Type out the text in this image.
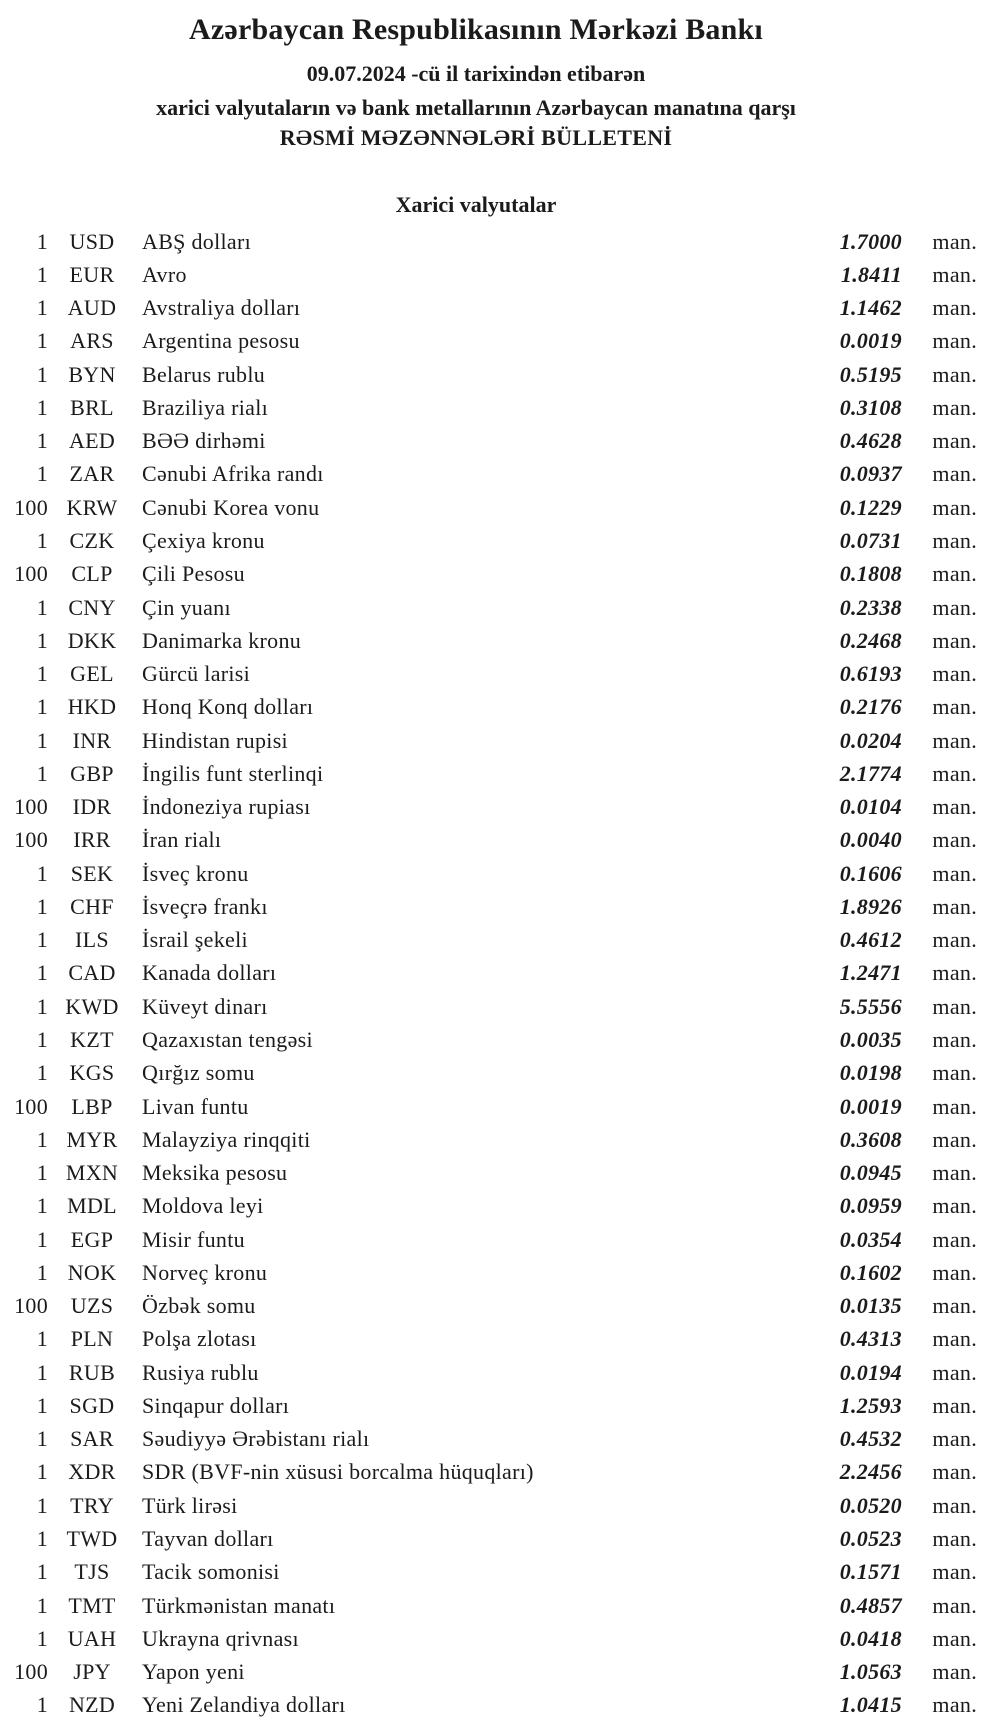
Azərbaycan Respublikasının Mərkəzi Bankı
09.07.2024 -cü il tarixindən etibarən
xarici valyutaların və bank metallarının Azərbaycan manatına qarşı
RƏSMİ MƏZƏNNƏLƏRİ BÜLLETENİ
Xarici valyutalar
1 USD	ABŞ dolları	1.7000	man.
1 EUR	Avro	1.8411	man.
1 AUD	Avstraliya dolları	1.1462	man.
1	ARS	Argentina pesosu	0.0019	man.
1 BYN	Belarus rublu	0.5195	man.
1	BRL	Braziliya rialı	0.3108	man.
1 AED	BƏƏ dirhəmi	0.4628	man.
1 ZAR	Cənubi Afrika randı	0.0937	man.
100 KRW	Cənubi Korea vonu	0.1229	man.
1 CZK	Çexiya kronu	0.0731	man.
100	CLP	Çili Pesosu	0.1808	man.
1 CNY	Çin yuanı	0.2338	man.
1 DKK	Danimarka kronu	0.2468	man.
1	GEL	Gürcü larisi	0.6193	man.
1 HKD	Honq Konq dolları	0.2176	man.
1	INR	Hindistan rupisi	0.0204	man.
1	GBP	İngilis funt sterlinqi	2.1774	man.
100	IDR	İndoneziya rupiası	0.0104	man.
100	IRR	İran rialı	0.0040	man.
1	SEK	İsveç kronu	0.1606	man.
1	CHF	İsveçrə frankı	1.8926	man.
1	ILS	İsrail şekeli	0.4612	man.
1 CAD	Kanada dolları	1.2471	man.
1 KWD	Küveyt dinarı	5.5556	man.
1	KZT	Qazaxıstan tengəsi	0.0035	man.
1 KGS	Qırğız somu	0.0198	man.
100	LBP	Livan funtu	0.0019	man.
1 MYR	Malayziya rinqqiti	0.3608	man.
1 MXN	Meksika pesosu	0.0945	man.
1 MDL	Moldova leyi	0.0959	man.
1	EGP	Misir funtu	0.0354	man.
1 NOK	Norveç kronu	0.1602	man.
100	UZS	Özbək somu	0.0135	man.
1	PLN	Polşa zlotası	0.4313	man.
1 RUB	Rusiya rublu	0.0194	man.
1 SGD	Sinqapur dolları	1.2593	man.
1	SAR	Səudiyyə Ərəbistanı rialı	0.4532	man.
1 XDR	SDR (BVF-nin xüsusi borcalma hüquqları)	2.2456	man.
1	TRY	Türk lirəsi	0.0520	man.
1 TWD	Tayvan dolları	0.0523	man.
1	TJS	Tacik somonisi	0.1571	man.
1 TMT	Türkmənistan manatı	0.4857	man.
1 UAH	Ukrayna qrivnası	0.0418	man.
100	JPY	Yapon yeni	1.0563	man.
1 NZD	Yeni Zelandiya dolları	1.0415	man.
